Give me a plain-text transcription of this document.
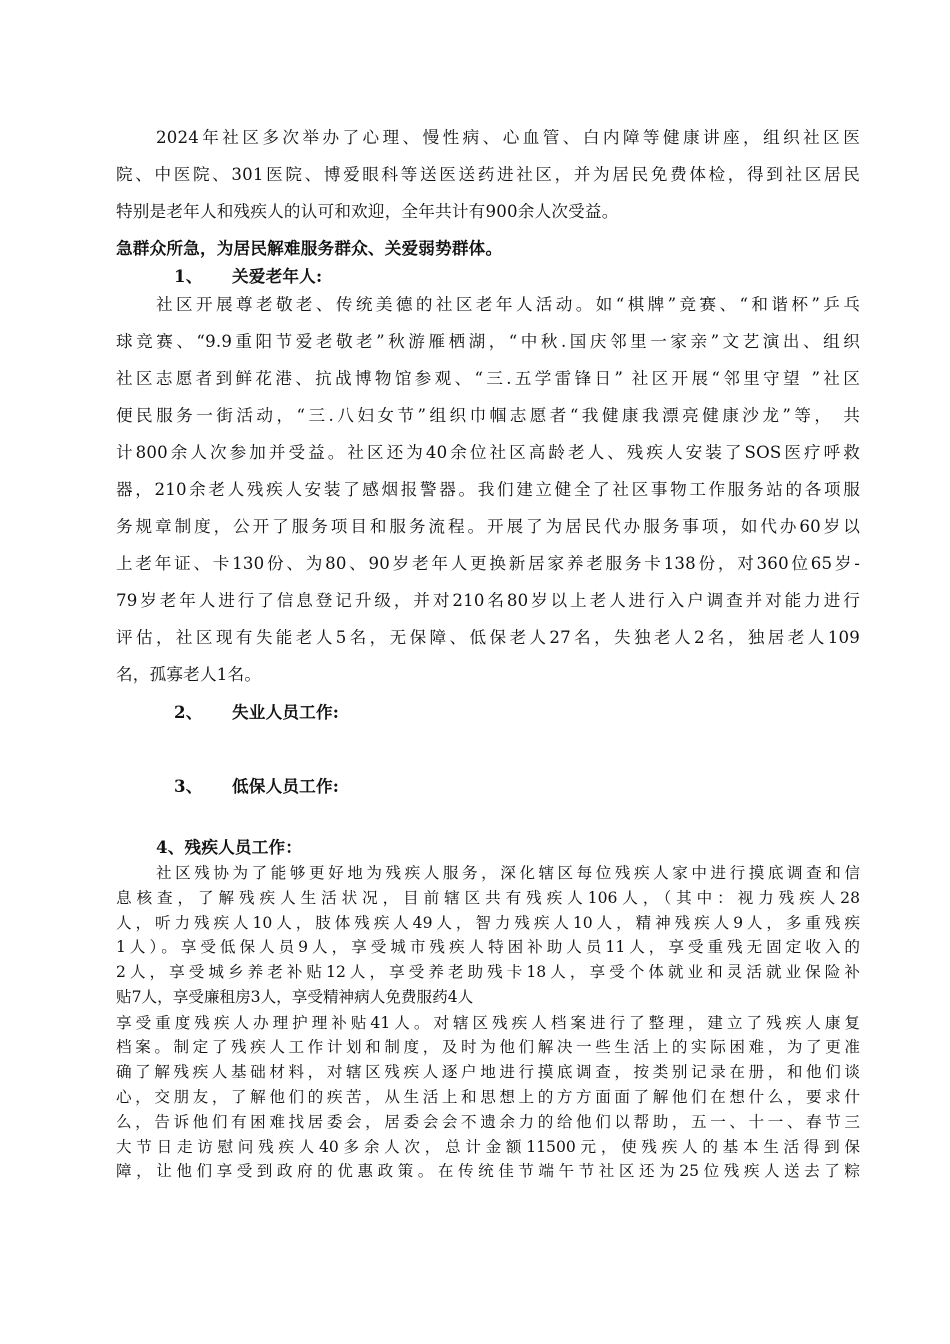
2024年社区多次举办了心理、慢性病、心血管、白内障等健康讲座，组织社区医
院、中医院、301医院、博爱眼科等送医送药进社区，并为居民免费体检，得到社区居民
特别是老年人和残疾人的认可和欢迎，全年共计有900余人次受益。
急群众所急，为居民解难服务群众、关爱弱势群体。
1、 关爱老年人:
社区开展尊老敬老、传统美德的社区老年人活动。如“棋牌”竞赛、“和谐杯”乒乓
球竞赛、“9.9重阳节爱老敬老”秋游雁栖湖，“中秋.国庆邻里一家亲”文艺演出、组织
社区志愿者到鲜花港、抗战博物馆参观、“三.五学雷锋日” 社区开展“邻里守望 ”社区
便民服务一街活动，“三.八妇女节”组织巾帼志愿者“我健康我漂亮健康沙龙”等， 共
计800余人次参加并受益。社区还为40余位社区高龄老人、残疾人安装了SOS医疗呼救
器，210余老人残疾人安装了感烟报警器。我们建立健全了社区事物工作服务站的各项服
务规章制度，公开了服务项目和服务流程。开展了为居民代办服务事项，如代办60岁以
上老年证、卡130份、为80、90岁老年人更换新居家养老服务卡138份，对360位65岁-
79岁老年人进行了信息登记升级，并对210名80岁以上老人进行入户调查并对能力进行
评估，社区现有失能老人5名，无保障、低保老人27名，失独老人2名，独居老人109
名，孤寡老人1名。
2、 失业人员工作:
3、 低保人员工作:
4、残疾人员工作：
社区残协为了能够更好地为残疾人服务，深化辖区每位残疾人家中进行摸底调查和信
息核查，了解残疾人生活状况，目前辖区共有残疾人106人，（其中：视力残疾人28
人，听力残疾人10人，肢体残疾人49人，智力残疾人10人，精神残疾人9人，多重残疾
1人）。享受低保人员9人，享受城市残疾人特困补助人员11人，享受重残无固定收入的
2人，享受城乡养老补贴12人，享受养老助残卡18人，享受个体就业和灵活就业保险补
贴7人，享受廉租房3人，享受精神病人免费服药4人
享受重度残疾人办理护理补贴41人。对辖区残疾人档案进行了整理，建立了残疾人康复
档案。制定了残疾人工作计划和制度，及时为他们解决一些生活上的实际困难，为了更准
确了解残疾人基础材料，对辖区残疾人逐户地进行摸底调查，按类别记录在册，和他们谈
心，交朋友，了解他们的疾苦，从生活上和思想上的方方面面了解他们在想什么，要求什
么，告诉他们有困难找居委会，居委会会不遗余力的给他们以帮助，五一、十一、春节三
大节日走访慰问残疾人40多余人次，总计金额11500元，使残疾人的基本生活得到保
障，让他们享受到政府的优惠政策。在传统佳节端午节社区还为25位残疾人送去了粽
